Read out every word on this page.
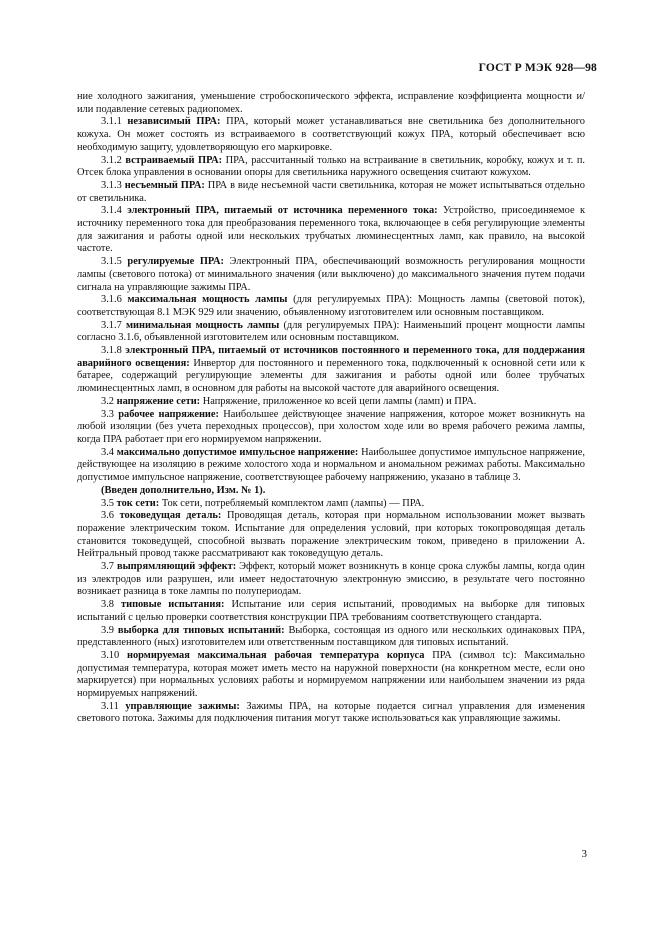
ГОСТ Р МЭК 928—98

ние холодного зажигания, уменьшение стробоскопического эффекта, исправление коэффициента мощности и/ или подавление сетевых радиопомех.

3.1.1 независимый ПРА: ПРА, который может устанавливаться вне светильника без дополнительного кожуха. Он может состоять из встраиваемого в соответствующий кожух ПРА, который обеспечивает всю необходимую защиту, удовлетворяющую его маркировке.

3.1.2 встраиваемый ПРА: ПРА, рассчитанный только на встраивание в светильник, коробку, кожух и т. п. Отсек блока управления в основании опоры для светильника наружного освещения считают кожухом.

3.1.3 несъемный ПРА: ПРА в виде несъемной части светильника, которая не может испытываться отдельно от светильника.

3.1.4 электронный ПРА, питаемый от источника переменного тока: Устройство, присоединяемое к источнику переменного тока для преобразования переменного тока, включающее в себя регулирующие элементы для зажигания и работы одной или нескольких трубчатых люминесцентных ламп, как правило, на высокой частоте.

3.1.5 регулируемые ПРА: Электронный ПРА, обеспечивающий возможность регулирования мощности лампы (светового потока) от минимального значения (или выключено) до максимального значения путем подачи сигнала на управляющие зажимы ПРА.

3.1.6 максимальная мощность лампы (для регулируемых ПРА): Мощность лампы (световой поток), соответствующая 8.1 МЭК 929 или значению, объявленному изготовителем или основным поставщиком.

3.1.7 минимальная мощность лампы (для регулируемых ПРА): Наименьший процент мощности лампы согласно 3.1.6, объявленной изготовителем или основным поставщиком.

3.1.8 электронный ПРА, питаемый от источников постоянного и переменного тока, для поддержания аварийного освещения: Инвертор для постоянного и переменного тока, подключенный к основной сети или к батарее, содержащий регулирующие элементы для зажигания и работы одной или более трубчатых люминесцентных ламп, в основном для работы на высокой частоте для аварийного освещения.

3.2 напряжение сети: Напряжение, приложенное ко всей цепи лампы (ламп) и ПРА.

3.3 рабочее напряжение: Наибольшее действующее значение напряжения, которое может возникнуть на любой изоляции (без учета переходных процессов), при холостом ходе или во время рабочего режима лампы, когда ПРА работает при его нормируемом напряжении.

3.4 максимально допустимое импульсное напряжение: Наибольшее допустимое импульсное напряжение, действующее на изоляцию в режиме холостого хода и нормальном и аномальном режимах работы. Максимально допустимое импульсное напряжение, соответствующее рабочему напряжению, указано в таблице 3.

(Введен дополнительно, Изм. № 1).

3.5 ток сети: Ток сети, потребляемый комплектом ламп (лампы) — ПРА.

3.6 токоведущая деталь: Проводящая деталь, которая при нормальном использовании может вызвать поражение электрическим током. Испытание для определения условий, при которых токопроводящая деталь становится токоведущей, способной вызвать поражение электрическим током, приведено в приложении А. Нейтральный провод также рассматривают как токоведущую деталь.

3.7 выпрямляющий эффект: Эффект, который может возникнуть в конце срока службы лампы, когда один из электродов или разрушен, или имеет недостаточную электронную эмиссию, в результате чего постоянно возникает разница в токе лампы по полупериодам.

3.8 типовые испытания: Испытание или серия испытаний, проводимых на выборке для типовых испытаний с целью проверки соответствия конструкции ПРА требованиям соответствующего стандарта.

3.9 выборка для типовых испытаний: Выборка, состоящая из одного или нескольких одинаковых ПРА, представленного (ных) изготовителем или ответственным поставщиком для типовых испытаний.

3.10 нормируемая максимальная рабочая температура корпуса ПРА (символ tc): Максимально допустимая температура, которая может иметь место на наружной поверхности (на конкретном месте, если оно маркируется) при нормальных условиях работы и нормируемом напряжении или наибольшем значении из ряда нормируемых напряжений.

3.11 управляющие зажимы: Зажимы ПРА, на которые подается сигнал управления для изменения светового потока. Зажимы для подключения питания могут также использоваться как управляющие зажимы.

3
